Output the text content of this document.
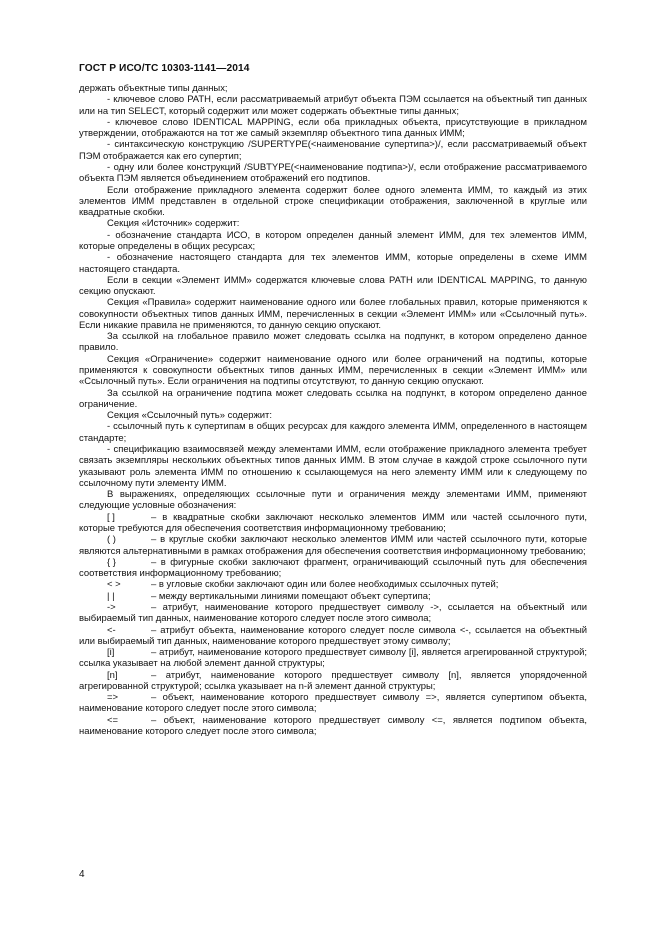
ГОСТ Р ИСО/ТС 10303-1141—2014

держать объектные типы данных;

- ключевое слово PATH, если рассматриваемый атрибут объекта ПЭМ ссылается на объектный тип данных или на тип SELECT, который содержит или может содержать объектные типы данных;

- ключевое слово IDENTICAL MAPPING, если оба прикладных объекта, присутствующие в прикладном утверждении, отображаются на тот же самый экземпляр объектного типа данных ИММ;

- синтаксическую конструкцию /SUPERTYPE(<наименование супертипа>)/, если рассматриваемый объект ПЭМ отображается как его супертип;

- одну или более конструкций /SUBTYPE(<наименование подтипа>)/, если отображение рассматриваемого объекта ПЭМ является объединением отображений его подтипов.

Если отображение прикладного элемента содержит более одного элемента ИММ, то каждый из этих элементов ИММ представлен в отдельной строке спецификации отображения, заключенной в круглые или квадратные скобки.

Секция «Источник» содержит:

- обозначение стандарта ИСО, в котором определен данный элемент ИММ, для тех элементов ИММ, которые определены в общих ресурсах;

- обозначение настоящего стандарта для тех элементов ИММ, которые определены в схеме ИММ настоящего стандарта.

Если в секции «Элемент ИММ» содержатся ключевые слова PATH или IDENTICAL MAPPING, то данную секцию опускают.

Секция «Правила» содержит наименование одного или более глобальных правил, которые применяются к совокупности объектных типов данных ИММ, перечисленных в секции «Элемент ИММ» или «Ссылочный путь». Если никакие правила не применяются, то данную секцию опускают.

За ссылкой на глобальное правило может следовать ссылка на подпункт, в котором определено данное правило.

Секция «Ограничение» содержит наименование одного или более ограничений на подтипы, которые применяются к совокупности объектных типов данных ИММ, перечисленных в секции «Элемент ИММ» или «Ссылочный путь». Если ограничения на подтипы отсутствуют, то данную секцию опускают.

За ссылкой на ограничение подтипа может следовать ссылка на подпункт, в котором определено данное ограничение.

Секция «Ссылочный путь» содержит:

- ссылочный путь к супертипам в общих ресурсах для каждого элемента ИММ, определенного в настоящем стандарте;

- спецификацию взаимосвязей между элементами ИММ, если отображение прикладного элемента требует связать экземпляры нескольких объектных типов данных ИММ. В этом случае в каждой строке ссылочного пути указывают роль элемента ИММ по отношению к ссылающемуся на него элементу ИММ или к следующему по ссылочному пути элементу ИММ.

В выражениях, определяющих ссылочные пути и ограничения между элементами ИММ, применяют следующие условные обозначения:

[ ]	– в квадратные скобки заключают несколько элементов ИММ или частей ссылочного пути, которые требуются для обеспечения соответствия информационному требованию;

( )	– в круглые скобки заключают несколько элементов ИММ или частей ссылочного пути, которые являются альтернативными в рамках отображения для обеспечения соответствия информационному требованию;

{ }	– в фигурные скобки заключают фрагмент, ограничивающий ссылочный путь для обеспечения соответствия информационному требованию;

< >	– в угловые скобки заключают один или более необходимых ссылочных путей;

| |	– между вертикальными линиями помещают объект супертипа;

->	– атрибут, наименование которого предшествует символу ->, ссылается на объектный или выбираемый тип данных, наименование которого следует после этого символа;

<-	– атрибут объекта, наименование которого следует после символа <-, ссылается на объектный или выбираемый тип данных, наименование которого предшествует этому символу;

[i]	– атрибут, наименование которого предшествует символу [i], является агрегированной структурой; ссылка указывает на любой элемент данной структуры;

[n]	– атрибут, наименование которого предшествует символу [n], является упорядоченной агрегированной структурой; ссылка указывает на n-й элемент данной структуры;

=>	– объект, наименование которого предшествует символу =>, является супертипом объекта, наименование которого следует после этого символа;

<=	– объект, наименование которого предшествует символу <=, является подтипом объекта, наименование которого следует после этого символа;

4
